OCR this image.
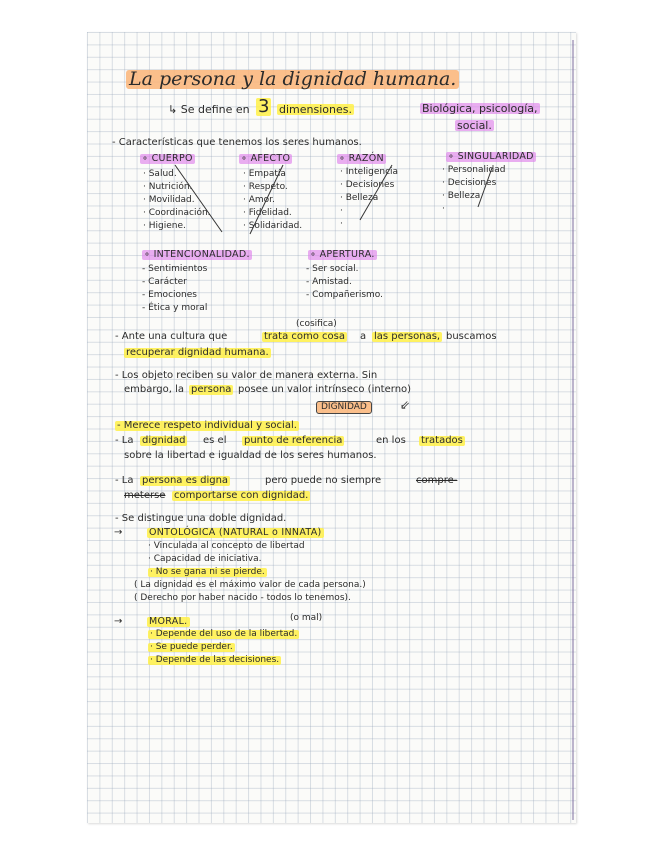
La persona y la dignidad humana.
↳ Se define en 3 dimensiones.	Biológica, psicología,
social.
- Características que tenemos los seres humanos.
∘ CUERPO
· Salud.
· Nutrición.
· Movilidad.
· Coordinación.
· Higiene.
∘ AFECTO
· Empatía
· Respeto.
· Amor.
· Fidelidad.
· Solidaridad.
∘ RAZÓN
· Inteligencia
· Decisiones
· Belleza
·
·
∘ SINGULARIDAD
· Personalidad
· Decisiones
· Belleza
·
∘ INTENCIONALIDAD.
- Sentimientos
- Carácter
- Emociones
- Ética y moral
∘ APERTURA.
- Ser social.
- Amistad.
- Compañerismo.
(cosifica)
- Ante una cultura que	trata como cosa a las personas, buscamos
recuperar dignidad humana.
- Los objeto reciben su valor de manera externa. Sin
embargo, la persona posee un valor intrínseco (interno)
DIGNIDAD	⇙
- Merece respeto individual y social.
- La dignidad es el punto de referencia	en los tratados
sobre la libertad e igualdad de los seres humanos.
- La persona es digna	pero puede no siempre	compre-
meterse comportarse con dignidad.
- Se distingue una doble dignidad.
→	ONTOLÓGICA (NATURAL o INNATA)
· Vinculada al concepto de libertad
· Capacidad de iniciativa.
· No se gana ni se pierde.
( La dignidad es el máximo valor de cada persona.)
( Derecho por haber nacido - todos lo tenemos).
→	MORAL.	(o mal)
· Depende del uso de la libertad.
· Se puede perder.
· Depende de las decisiones.
